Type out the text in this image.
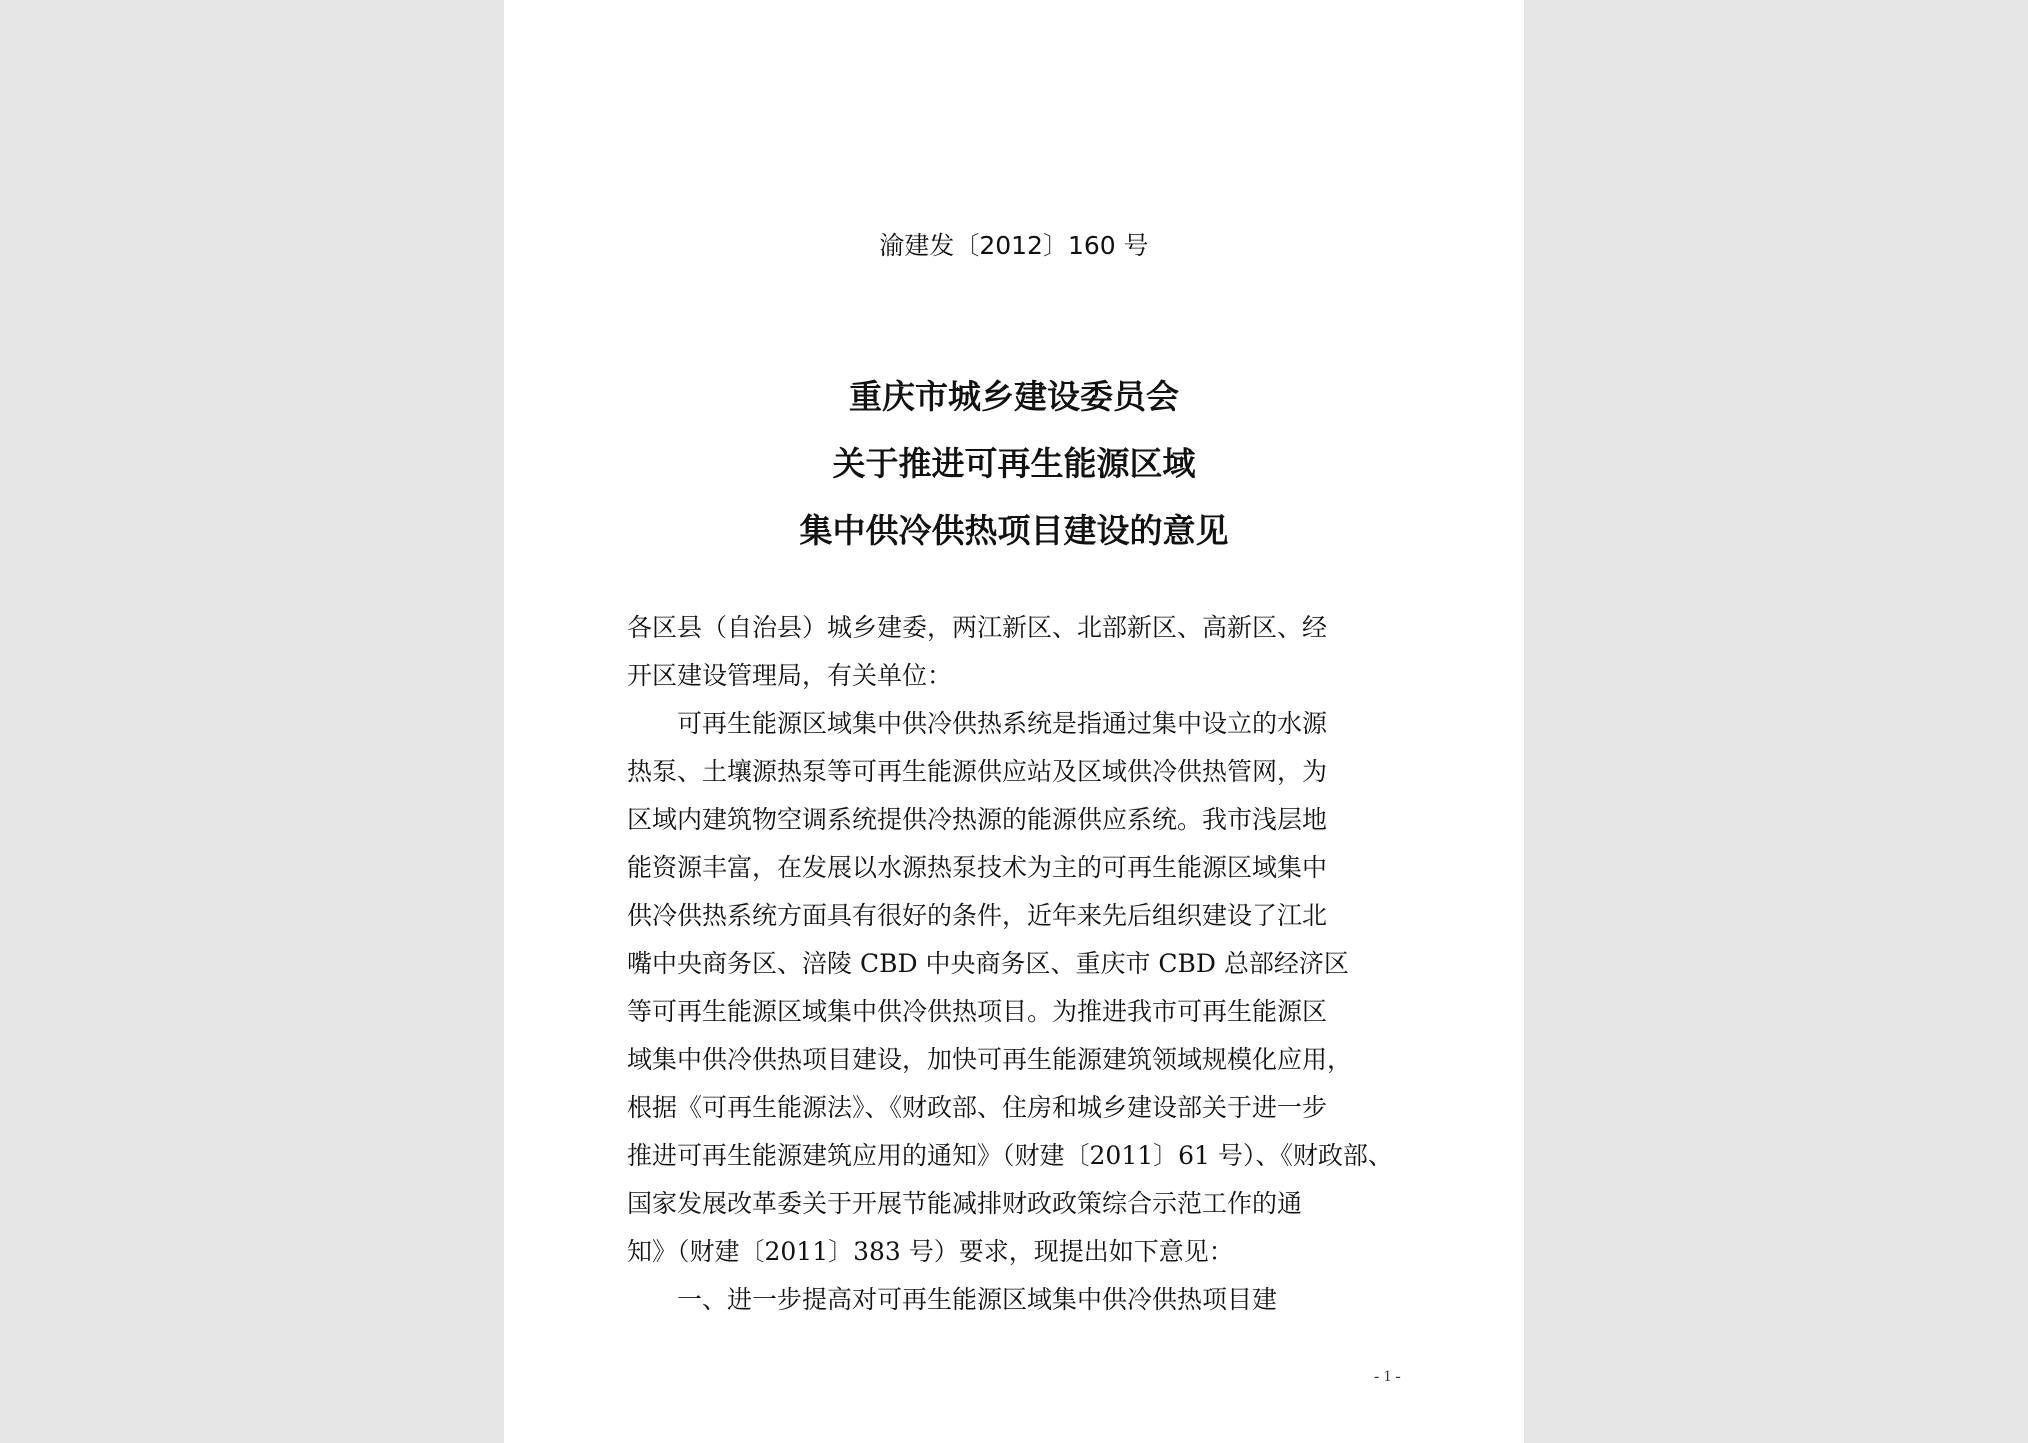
渝建发〔2012〕160 号
重庆市城乡建设委员会
关于推进可再生能源区域
集中供冷供热项目建设的意见
各区县（自治县）城乡建委，两江新区、北部新区、高新区、经
开区建设管理局，有关单位：
　　可再生能源区域集中供冷供热系统是指通过集中设立的水源
热泵、土壤源热泵等可再生能源供应站及区域供冷供热管网，为
区域内建筑物空调系统提供冷热源的能源供应系统。我市浅层地
能资源丰富，在发展以水源热泵技术为主的可再生能源区域集中
供冷供热系统方面具有很好的条件，近年来先后组织建设了江北
嘴中央商务区、涪陵 CBD 中央商务区、重庆市 CBD 总部经济区
等可再生能源区域集中供冷供热项目。为推进我市可再生能源区
域集中供冷供热项目建设，加快可再生能源建筑领域规模化应用，
根据《可再生能源法》、《财政部、住房和城乡建设部关于进一步
推进可再生能源建筑应用的通知》（财建〔2011〕61 号）、《财政部、
国家发展改革委关于开展节能减排财政政策综合示范工作的通
知》（财建〔2011〕383 号）要求，现提出如下意见：
　　一、进一步提高对可再生能源区域集中供冷供热项目建
- 1 -
